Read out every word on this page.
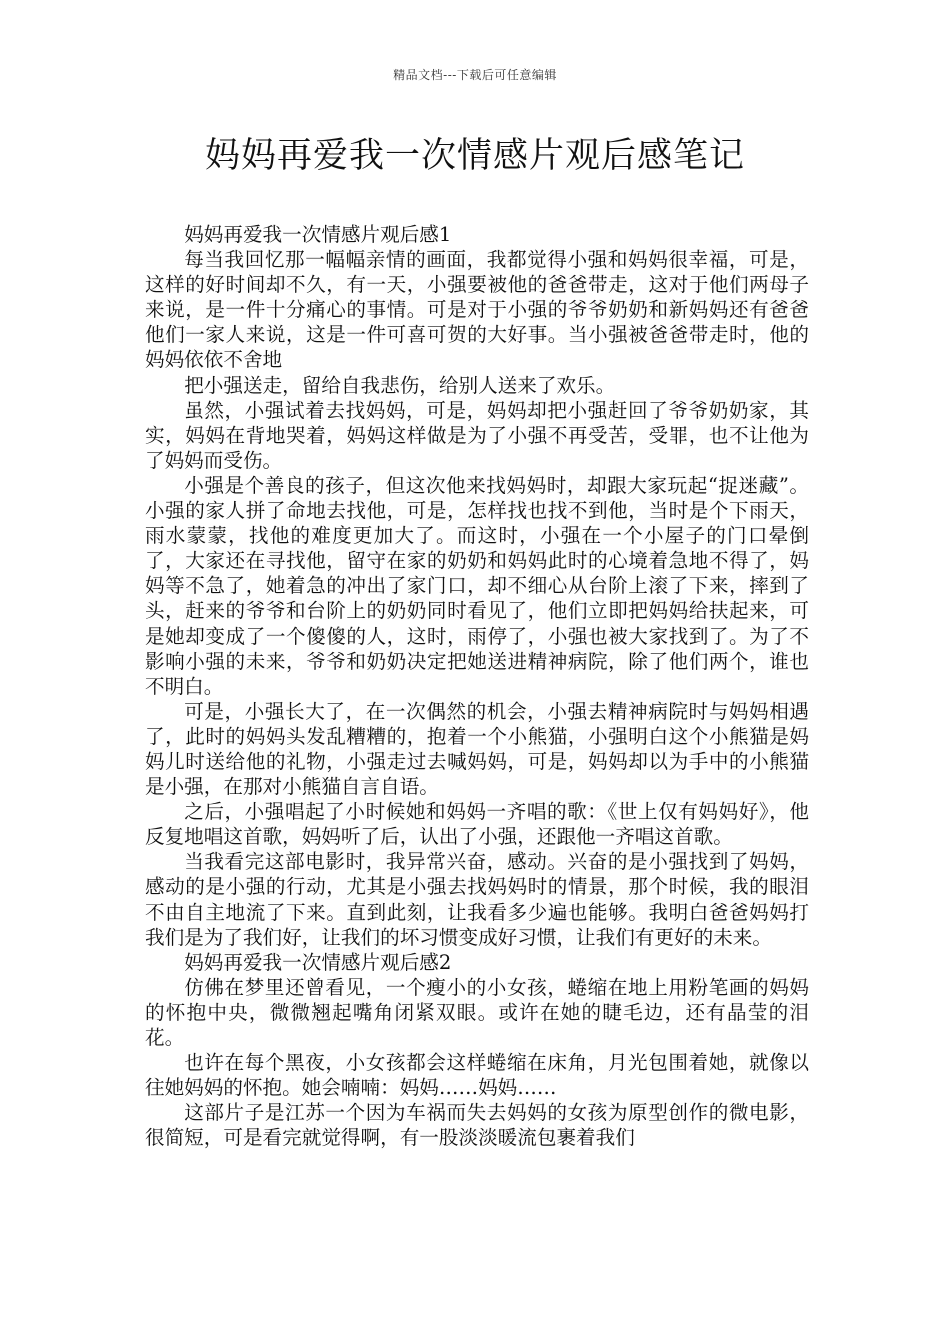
精品文档---下载后可任意编辑
妈妈再爱我一次情感片观后感笔记

妈妈再爱我一次情感片观后感1

每当我回忆那一幅幅亲情的画面，我都觉得小强和妈妈很幸福，可是，这样的好时间却不久，有一天，小强要被他的爸爸带走，这对于他们两母子来说，是一件十分痛心的事情。可是对于小强的爷爷奶奶和新妈妈还有爸爸他们一家人来说，这是一件可喜可贺的大好事。当小强被爸爸带走时，他的妈妈依依不舍地

把小强送走，留给自我悲伤，给别人送来了欢乐。

虽然，小强试着去找妈妈，可是，妈妈却把小强赶回了爷爷奶奶家，其实，妈妈在背地哭着，妈妈这样做是为了小强不再受苦，受罪，也不让他为了妈妈而受伤。

小强是个善良的孩子，但这次他来找妈妈时，却跟大家玩起“捉迷藏”。小强的家人拼了命地去找他，可是，怎样找也找不到他，当时是个下雨天，雨水蒙蒙，找他的难度更加大了。而这时，小强在一个小屋子的门口晕倒了，大家还在寻找他，留守在家的奶奶和妈妈此时的心境着急地不得了，妈妈等不急了，她着急的冲出了家门口，却不细心从台阶上滚了下来，摔到了头，赶来的爷爷和台阶上的奶奶同时看见了，他们立即把妈妈给扶起来，可是她却变成了一个傻傻的人，这时，雨停了，小强也被大家找到了。为了不影响小强的未来，爷爷和奶奶决定把她送进精神病院，除了他们两个，谁也不明白。

可是，小强长大了，在一次偶然的机会，小强去精神病院时与妈妈相遇了，此时的妈妈头发乱糟糟的，抱着一个小熊猫，小强明白这个小熊猫是妈妈儿时送给他的礼物，小强走过去喊妈妈，可是，妈妈却以为手中的小熊猫是小强，在那对小熊猫自言自语。

之后，小强唱起了小时候她和妈妈一齐唱的歌：《世上仅有妈妈好》，他反复地唱这首歌，妈妈听了后，认出了小强，还跟他一齐唱这首歌。

当我看完这部电影时，我异常兴奋，感动。兴奋的是小强找到了妈妈，感动的是小强的行动，尤其是小强去找妈妈时的情景，那个时候，我的眼泪不由自主地流了下来。直到此刻，让我看多少遍也能够。我明白爸爸妈妈打我们是为了我们好，让我们的坏习惯变成好习惯，让我们有更好的未来。

妈妈再爱我一次情感片观后感2

仿佛在梦里还曾看见，一个瘦小的小女孩，蜷缩在地上用粉笔画的妈妈的怀抱中央，微微翘起嘴角闭紧双眼。或许在她的睫毛边，还有晶莹的泪花。

也许在每个黑夜，小女孩都会这样蜷缩在床角，月光包围着她，就像以往她妈妈的怀抱。她会喃喃：妈妈……妈妈……

这部片子是江苏一个因为车祸而失去妈妈的女孩为原型创作的微电影，很简短，可是看完就觉得啊，有一股淡淡暖流包裹着我们
